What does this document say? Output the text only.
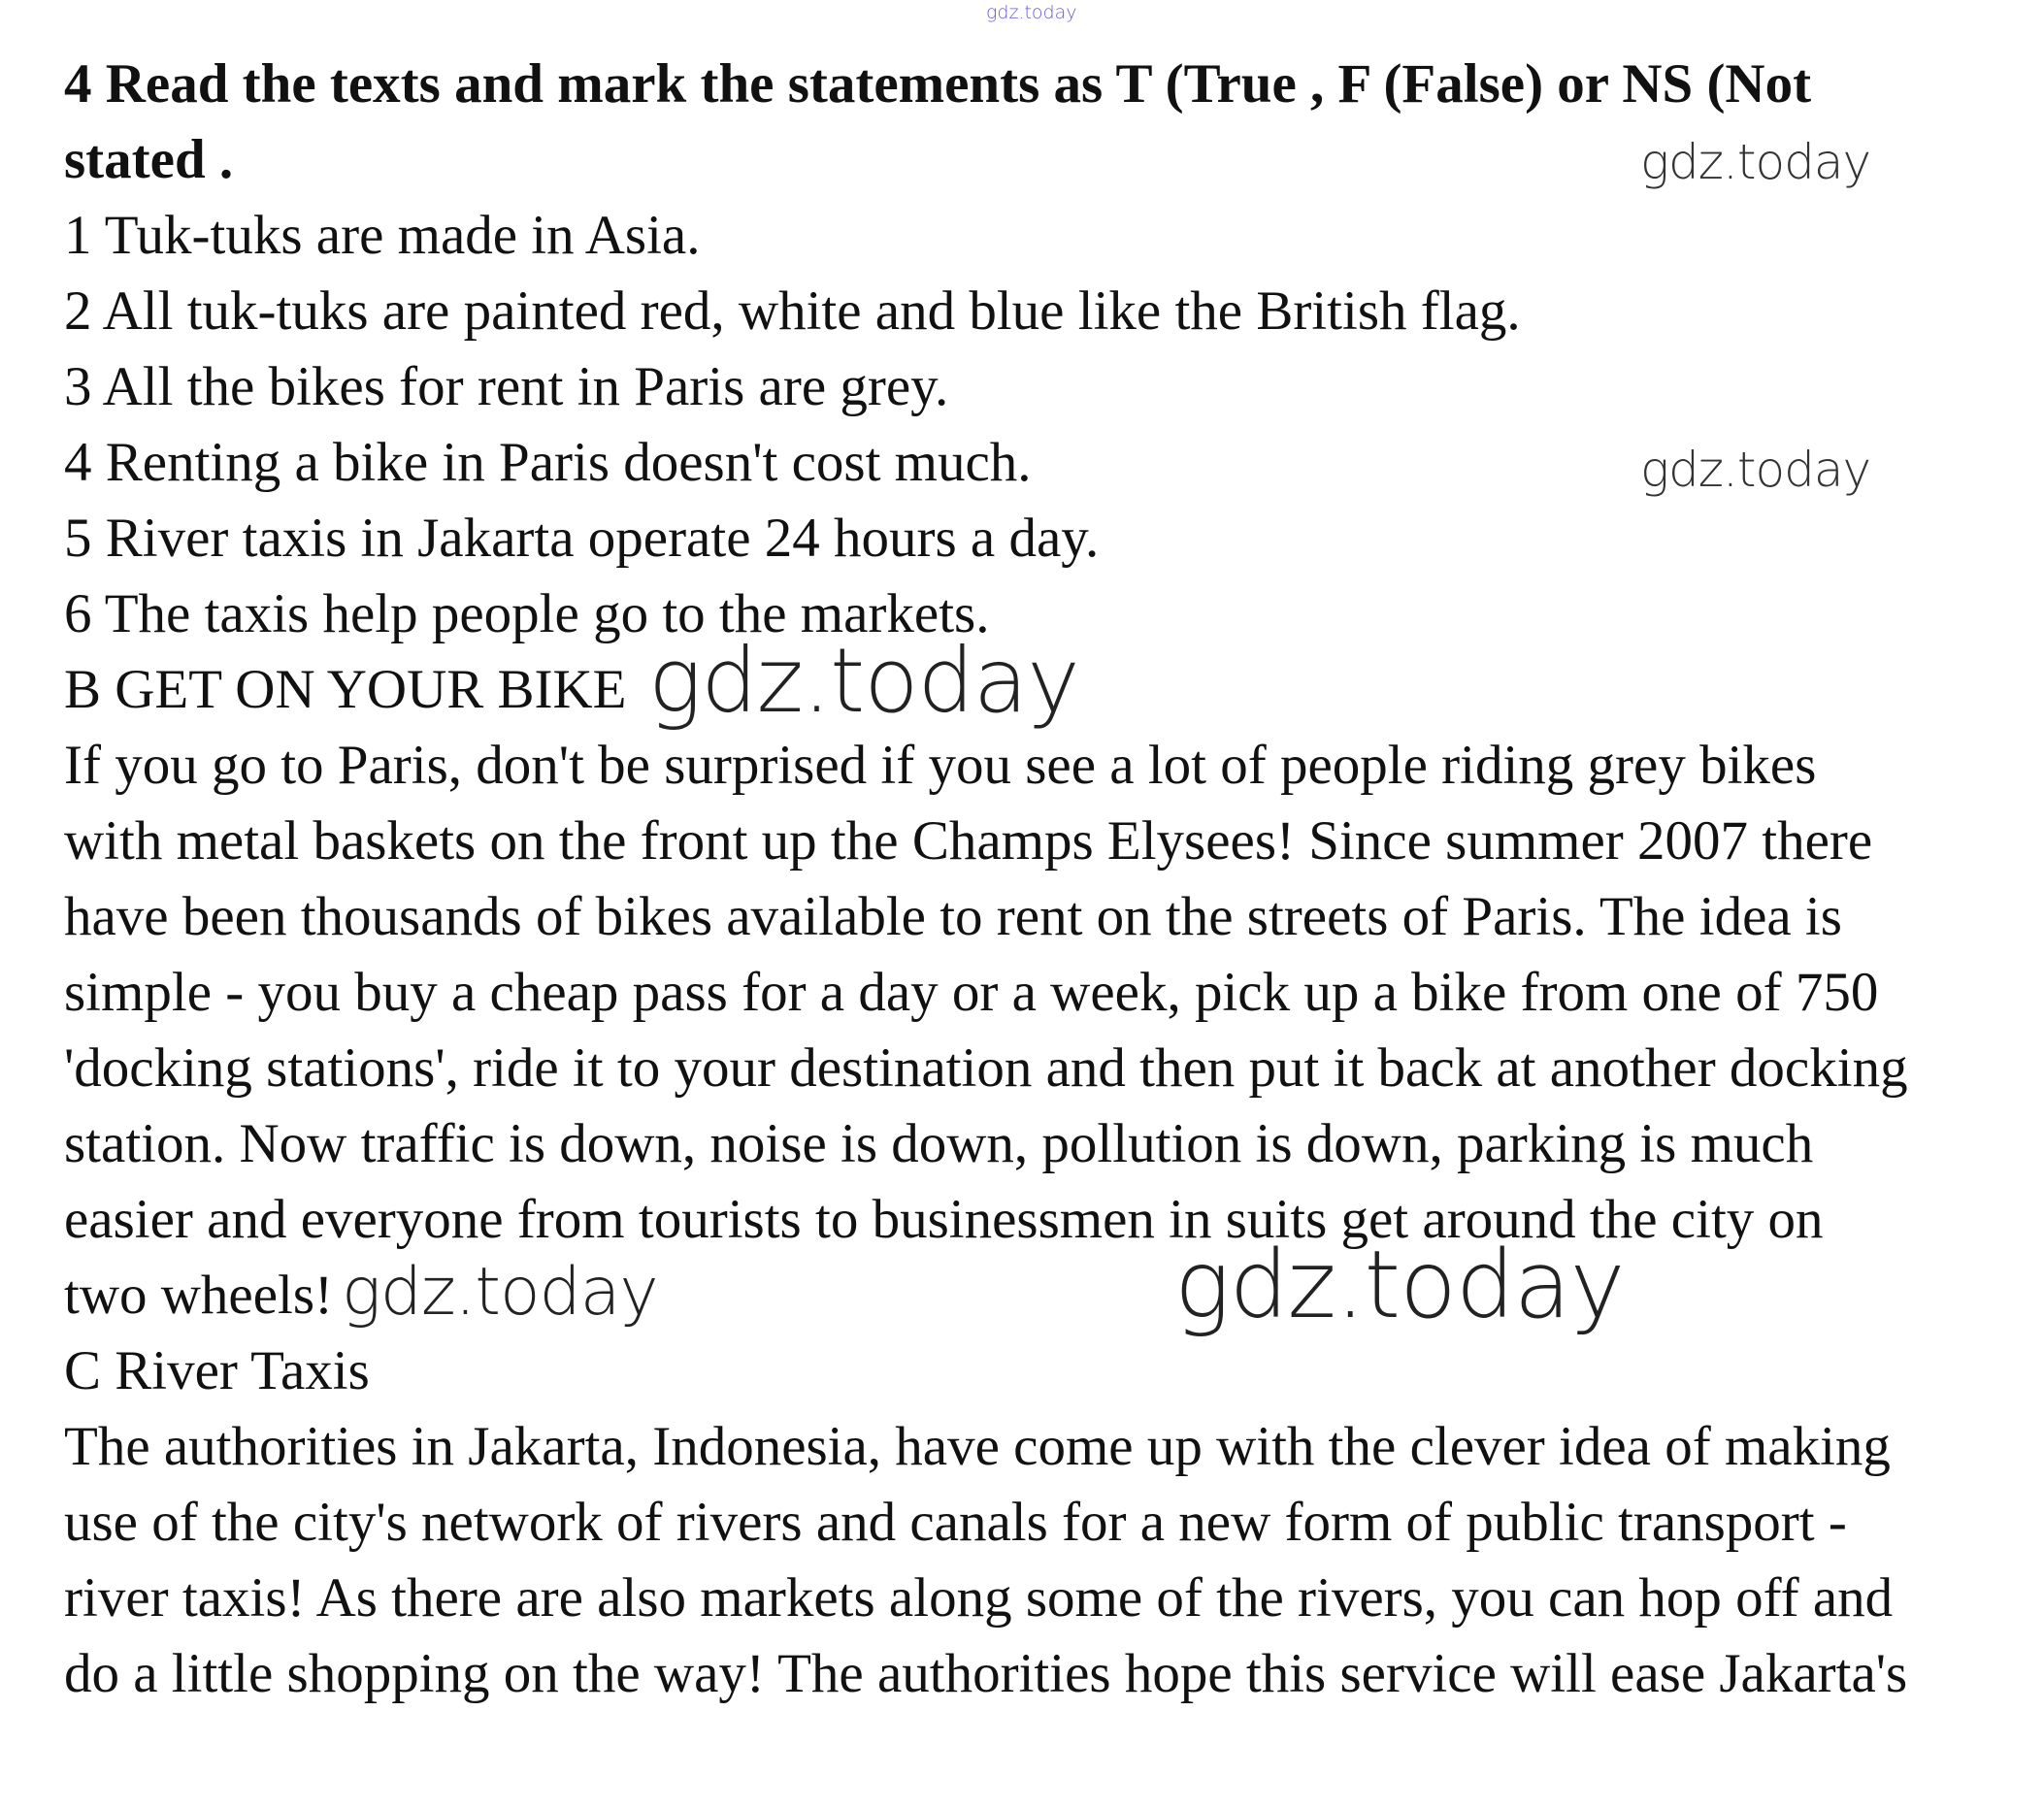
gdz.today

4 Read the texts and mark the statements as T (True , F (False) or NS (Not stated .

1 Tuk-tuks are made in Asia.

2 All tuk-tuks are painted red, white and blue like the British flag.

3 All the bikes for rent in Paris are grey.

4 Renting a bike in Paris doesn't cost much.

5 River taxis in Jakarta operate 24 hours a day.

6 The taxis help people go to the markets.

B GET ON YOUR BIKE

If you go to Paris, don't be surprised if you see a lot of people riding grey bikes
with metal baskets on the front up the Champs Elysees! Since summer 2007 there
have been thousands of bikes available to rent on the streets of Paris. The idea is
simple - you buy a cheap pass for a day or a week, pick up a bike from one of 750
'docking stations', ride it to your destination and then put it back at another docking
station. Now traffic is down, noise is down, pollution is down, parking is much
easier and everyone from tourists to businessmen in suits get around the city on
two wheels!

C River Taxis

The authorities in Jakarta, Indonesia, have come up with the clever idea of making
use of the city's network of rivers and canals for a new form of public transport -
river taxis! As there are also markets along some of the rivers, you can hop off and
do a little shopping on the way! The authorities hope this service will ease Jakarta's
gdz.today
gdz.today
gdz.today
gdz.today	gdz.today
